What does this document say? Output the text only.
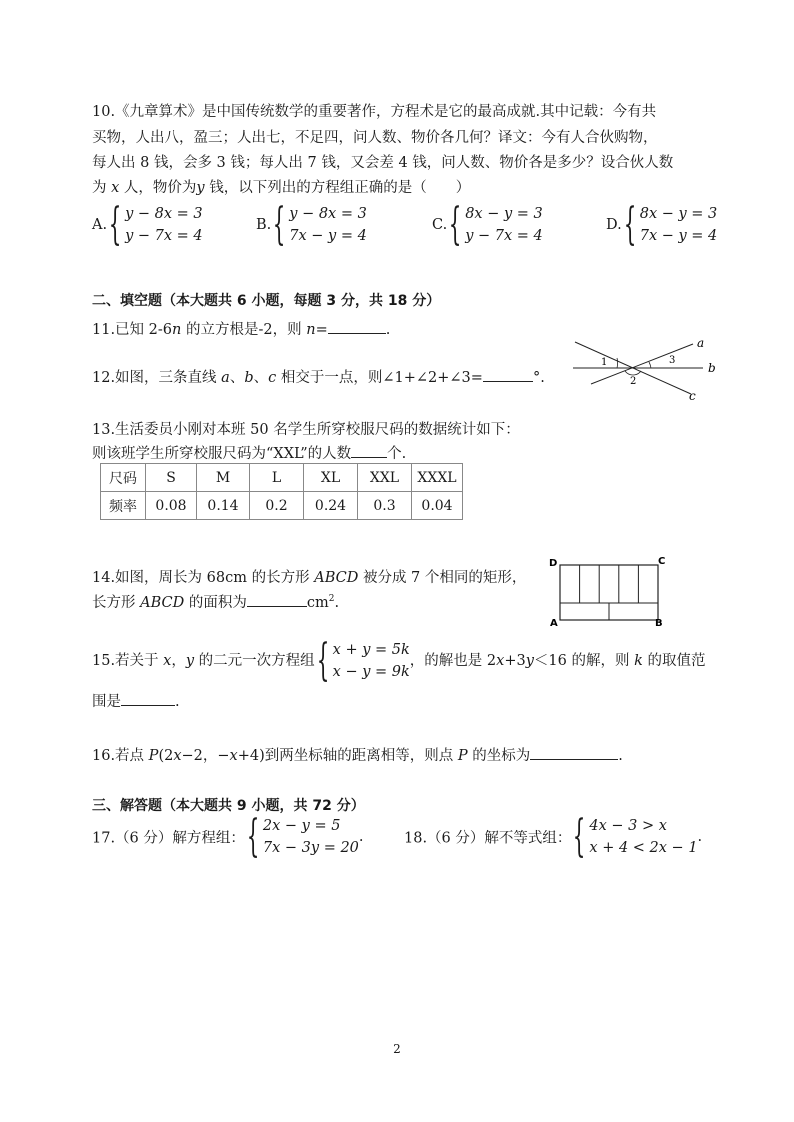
10.《九章算术》是中国传统数学的重要著作，方程术是它的最高成就.其中记载：今有共
买物，人出八，盈三；人出七，不足四，问人数、物价各几何？译文：今有人合伙购物，
每人出 8 钱，会多 3 钱；每人出 7 钱，又会差 4 钱，问人数、物价各是多少？设合伙人数
为 x 人，物价为y 钱，以下列出的方程组正确的是（　　）
A. { y − 8x = 3
y − 7x = 4
B. { y − 8x = 3
7x − y = 4
C. { 8x − y = 3
y − 7x = 4
D. { 8x − y = 3
7x − y = 4
二、填空题（本大题共 6 小题，每题 3 分，共 18 分）
11.已知 2-6n 的立方根是-2，则 n=	.
12.如图，三条直线 a、b、c 相交于一点，则∠1+∠2+∠3=	°.
a
b
c
1
2
3
13.生活委员小刚对本班 50 名学生所穿校服尺码的数据统计如下：
则该班学生所穿校服尺码为“XXL”的人数 个.
尺码	S	M	L	XL	XXL	XXXL
频率	0.08	0.14	0.2	0.24	0.3	0.04
14.如图，周长为 68cm 的长方形 ABCD 被分成 7 个相同的矩形，
长方形 ABCD 的面积为	$cm^2$.
D	C
A	B
15.若关于 x，y 的二元一次方程组 { x + y = 5k
x − y = 9k
，的解也是 2x+3y＜16 的解，则 k 的取值范
围是	.
16.若点 P(2x−2，−x+4)到两坐标轴的距离相等，则点 P 的坐标为	.
三、解答题（本大题共 9 小题，共 72 分）
17.（6 分）解方程组： { 2x − y = 5
7x − 3y = 20
.	18.（6 分）解不等式组： { 4x − 3 > x
x + 4 < 2x − 1
.
2
